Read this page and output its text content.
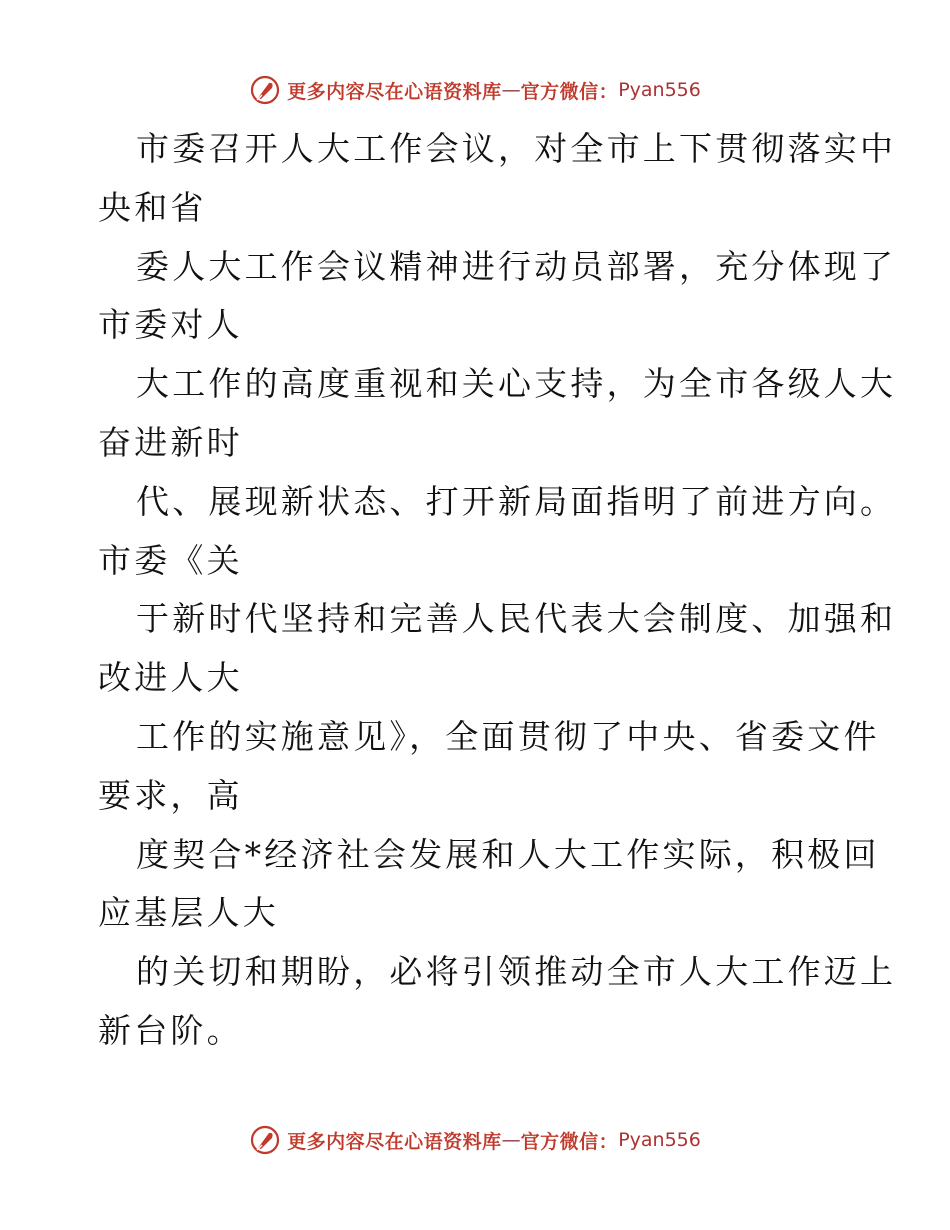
更多内容尽在心语资料库 — 官方微信： Pyan556
市委召开人大工作会议，对全市上下贯彻落实中
央和省
委人大工作会议精神进行动员部署，充分体现了
市委对人
大工作的高度重视和关心支持，为全市各级人大
奋进新时
代、展现新状态、打开新局面指明了前进方向。
市委《关
于新时代坚持和完善人民代表大会制度、加强和
改进人大
工作的实施意见》，全面贯彻了中央、省委文件
要求，高
度契合*经济社会发展和人大工作实际，积极回
应基层人大
的关切和期盼，必将引领推动全市人大工作迈上
新台阶。
更多内容尽在心语资料库 — 官方微信： Pyan556
